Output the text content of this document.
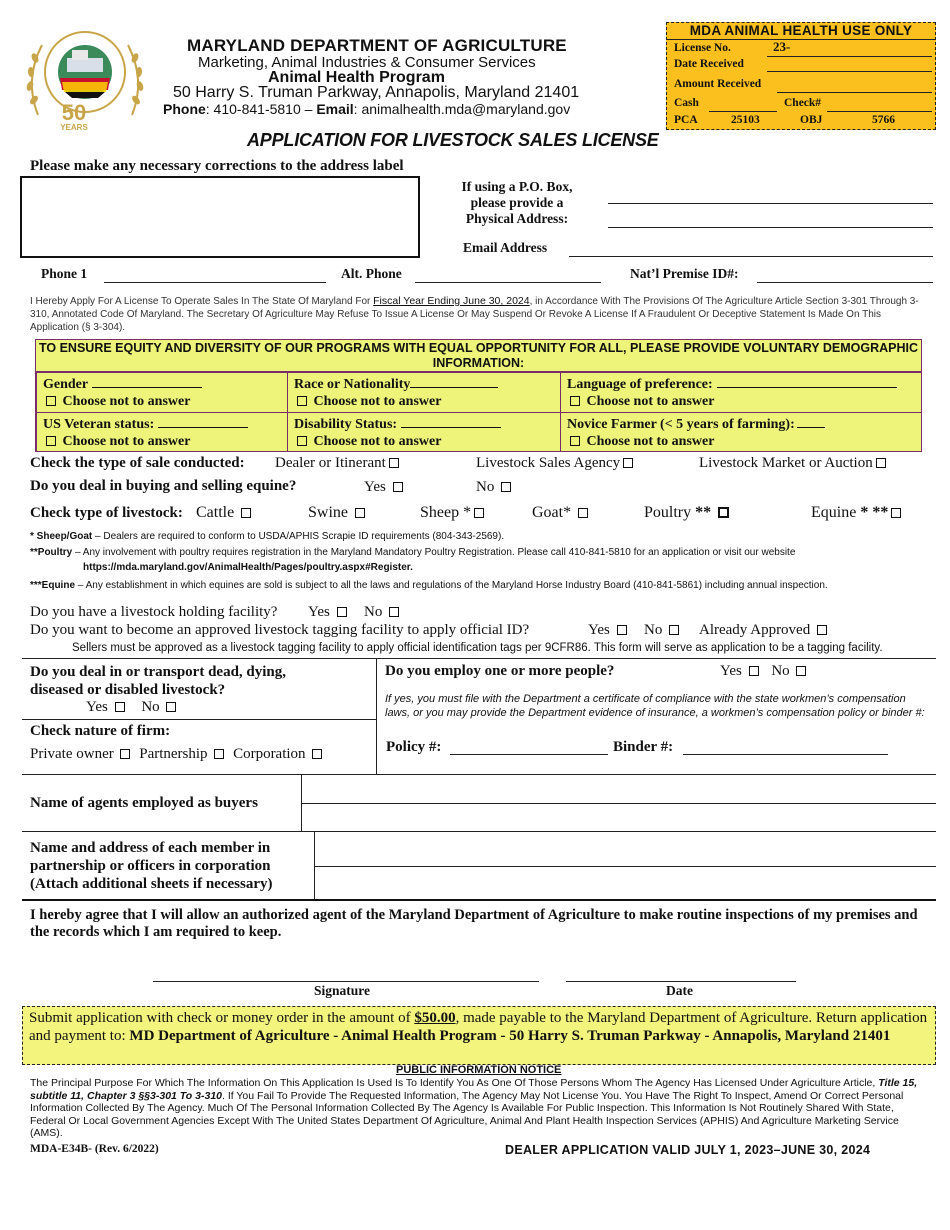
50
YEARS
MARYLAND DEPARTMENT OF AGRICULTURE
Marketing, Animal Industries & Consumer Services
Animal Health Program
50 Harry S. Truman Parkway, Annapolis, Maryland 21401
Phone: 410-841-5810 – Email: animalhealth.mda@maryland.gov
MDA ANIMAL HEALTH USE ONLY
License No.	23-
Date Received
Amount Received
Cash	Check#
PCA	25103	OBJ	5766
APPLICATION FOR LIVESTOCK SALES LICENSE
Please make any necessary corrections to the address label
If using a P.O. Box,
please provide a
Physical Address:
Email Address
Phone 1	Alt. Phone	Nat’l Premise ID#:
I Hereby Apply For A License To Operate Sales In The State Of Maryland For Fiscal Year Ending June 30, 2024, in Accordance With The Provisions Of The Agriculture Article Section 3-301 Through 3-310, Annotated Code Of Maryland. The Secretary Of Agriculture May Refuse To Issue A License Or May Suspend Or Revoke A License If A Fraudulent Or Deceptive Statement Is Made On This Application (§ 3-304).
TO ENSURE EQUITY AND DIVERSITY OF OUR PROGRAMS WITH EQUAL OPPORTUNITY FOR ALL, PLEASE PROVIDE VOLUNTARY DEMOGRAPHIC INFORMATION:
Gender
Choose not to answer
Race or Nationality
Choose not to answer
Language of preference:
Choose not to answer
US Veteran status:
Choose not to answer
Disability Status:
Choose not to answer
Novice Farmer (< 5 years of farming):
Choose not to answer
Check the type of sale conducted: Dealer or Itinerant	Livestock Sales Agency	Livestock Market or Auction
Do you deal in buying and selling equine?	Yes	No
Check type of livestock: Cattle	Swine	Sheep *	Goat*	Poultry **	Equine * **
* Sheep/Goat – Dealers are required to conform to USDA/APHIS Scrapie ID requirements (804-343-2569).
**Poultry – Any involvement with poultry requires registration in the Maryland Mandatory Poultry Registration. Please call 410-841-5810 for an application or visit our website
https://mda.maryland.gov/AnimalHealth/Pages/poultry.aspx#Register.
***Equine – Any establishment in which equines are sold is subject to all the laws and regulations of the Maryland Horse Industry Board (410-841-5861) including annual inspection.
Do you have a livestock holding facility? Yes	No
Do you want to become an approved livestock tagging facility to apply official ID?	Yes	No	Already Approved
Sellers must be approved as a livestock tagging facility to apply official identification tags per 9CFR86. This form will serve as application to be a tagging facility.
Do you deal in or transport dead, dying,
diseased or disabled livestock?
Yes No
Check nature of firm:
Private owner Partnership Corporation
Do you employ one or more people?	Yes No
If yes, you must file with the Department a certificate of compliance with the state workmen’s compensation laws, or you may provide the Department evidence of insurance, a workmen’s compensation policy or binder #:
Policy #:	Binder #:
Name of agents employed as buyers
Name and address of each member in
partnership or officers in corporation
(Attach additional sheets if necessary)
I hereby agree that I will allow an authorized agent of the Maryland Department of Agriculture to make routine inspections of my premises and the records which I am required to keep.
Signature	Date
Submit application with check or money order in the amount of $50.00, made payable to the Maryland Department of Agriculture. Return application and payment to: MD Department of Agriculture - Animal Health Program - 50 Harry S. Truman Parkway - Annapolis, Maryland 21401
PUBLIC INFORMATION NOTICE
The Principal Purpose For Which The Information On This Application Is Used Is To Identify You As One Of Those Persons Whom The Agency Has Licensed Under Agriculture Article, Title 15, subtitle 11, Chapter 3 §§3-301 To 3-310. If You Fail To Provide The Requested Information, The Agency May Not License You. You Have The Right To Inspect, Amend Or Correct Personal Information Collected By The Agency. Much Of The Personal Information Collected By The Agency Is Available For Public Inspection. This Information Is Not Routinely Shared With State, Federal Or Local Government Agencies Except With The United States Department Of Agriculture, Animal And Plant Health Inspection Services (APHIS) And Agriculture Marketing Service (AMS).
MDA-E34B- (Rev. 6/2022)	DEALER APPLICATION VALID JULY 1, 2023–JUNE 30, 2024
